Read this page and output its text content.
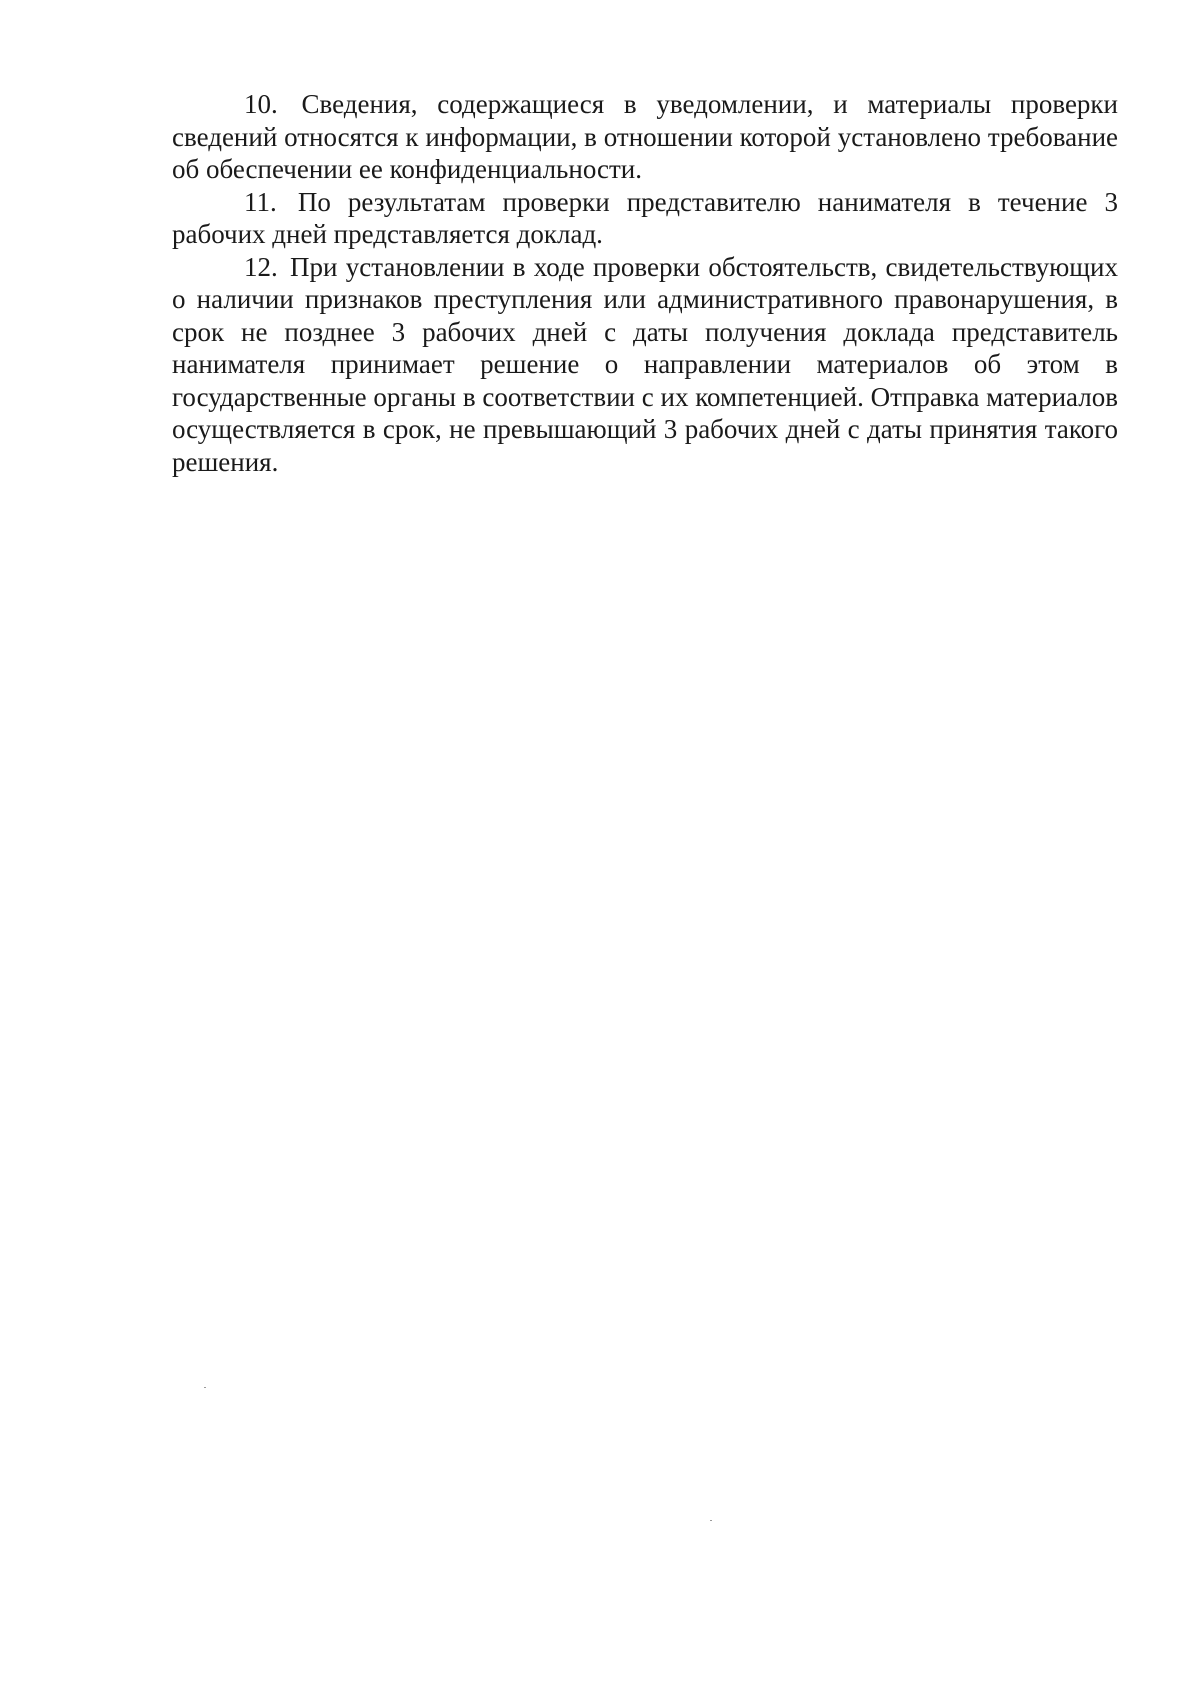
10. Сведения, содержащиеся в уведомлении, и материалы проверки сведений относятся к информации, в отношении которой установлено требование об обеспечении ее конфиденциальности.

11. По результатам проверки представителю нанимателя в течение 3 рабочих дней представляется доклад.

12. При установлении в ходе проверки обстоятельств, свидетельствующих о наличии признаков преступления или административного правонарушения, в срок не позднее 3 рабочих дней с даты получения доклада представитель нанимателя принимает решение о направлении материалов об этом в государственные органы в соответствии с их компетенцией. Отправка материалов осуществляется в срок, не превышающий 3 рабочих дней с даты принятия такого решения.
